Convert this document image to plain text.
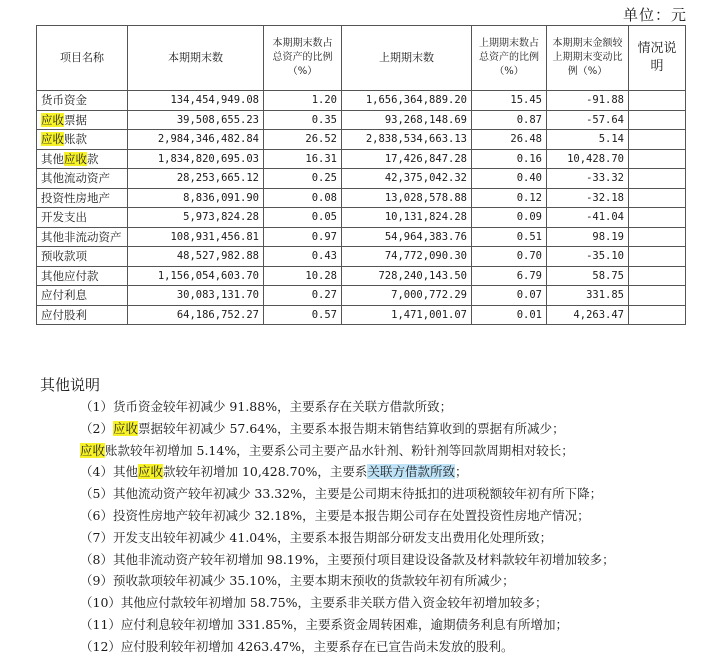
单位：元
项目名称	本期期末数	本期期末数占总资产的比例（%）	上期期末数	上期期末数占总资产的比例（%）	本期期末金额较上期期末变动比例（%）	情况说明
货币资金	134,454,949.08	1.20	1,656,364,889.20	15.45	-91.88	
应收票据	39,508,655.23	0.35	93,268,148.69	0.87	-57.64	
应收账款	2,984,346,482.84	26.52	2,838,534,663.13	26.48	5.14	
其他应收款	1,834,820,695.03	16.31	17,426,847.28	0.16	10,428.70	
其他流动资产	28,253,665.12	0.25	42,375,042.32	0.40	-33.32	
投资性房地产	8,836,091.90	0.08	13,028,578.88	0.12	-32.18	
开发支出	5,973,824.28	0.05	10,131,824.28	0.09	-41.04	
其他非流动资产	108,931,456.81	0.97	54,964,383.76	0.51	98.19	
预收款项	48,527,982.88	0.43	74,772,090.30	0.70	-35.10	
其他应付款	1,156,054,603.70	10.28	728,240,143.50	6.79	58.75	
应付利息	30,083,131.70	0.27	7,000,772.29	0.07	331.85	
应付股利	64,186,752.27	0.57	1,471,001.07	0.01	4,263.47	
其他说明
（1）货币资金较年初减少 91.88%，主要系存在关联方借款所致；
（2）应收票据较年初减少 57.64%，主要系本报告期末销售结算收到的票据有所减少；
应收账款较年初增加 5.14%，主要系公司主要产品水针剂、粉针剂等回款周期相对较长；
（4）其他应收款较年初增加 10,428.70%，主要系关联方借款所致；
（5）其他流动资产较年初减少 33.32%，主要是公司期末待抵扣的进项税额较年初有所下降；
（6）投资性房地产较年初减少 32.18%，主要是本报告期公司存在处置投资性房地产情况；
（7）开发支出较年初减少 41.04%，主要系本报告期部分研发支出费用化处理所致；
（8）其他非流动资产较年初增加 98.19%，主要预付项目建设设备款及材料款较年初增加较多；
（9）预收款项较年初减少 35.10%，主要本期末预收的货款较年初有所减少；
（10）其他应付款较年初增加 58.75%，主要系非关联方借入资金较年初增加较多；
（11）应付利息较年初增加 331.85%，主要系资金周转困难，逾期债务利息有所增加；
（12）应付股利较年初增加 4263.47%，主要系存在已宣告尚未发放的股利。
